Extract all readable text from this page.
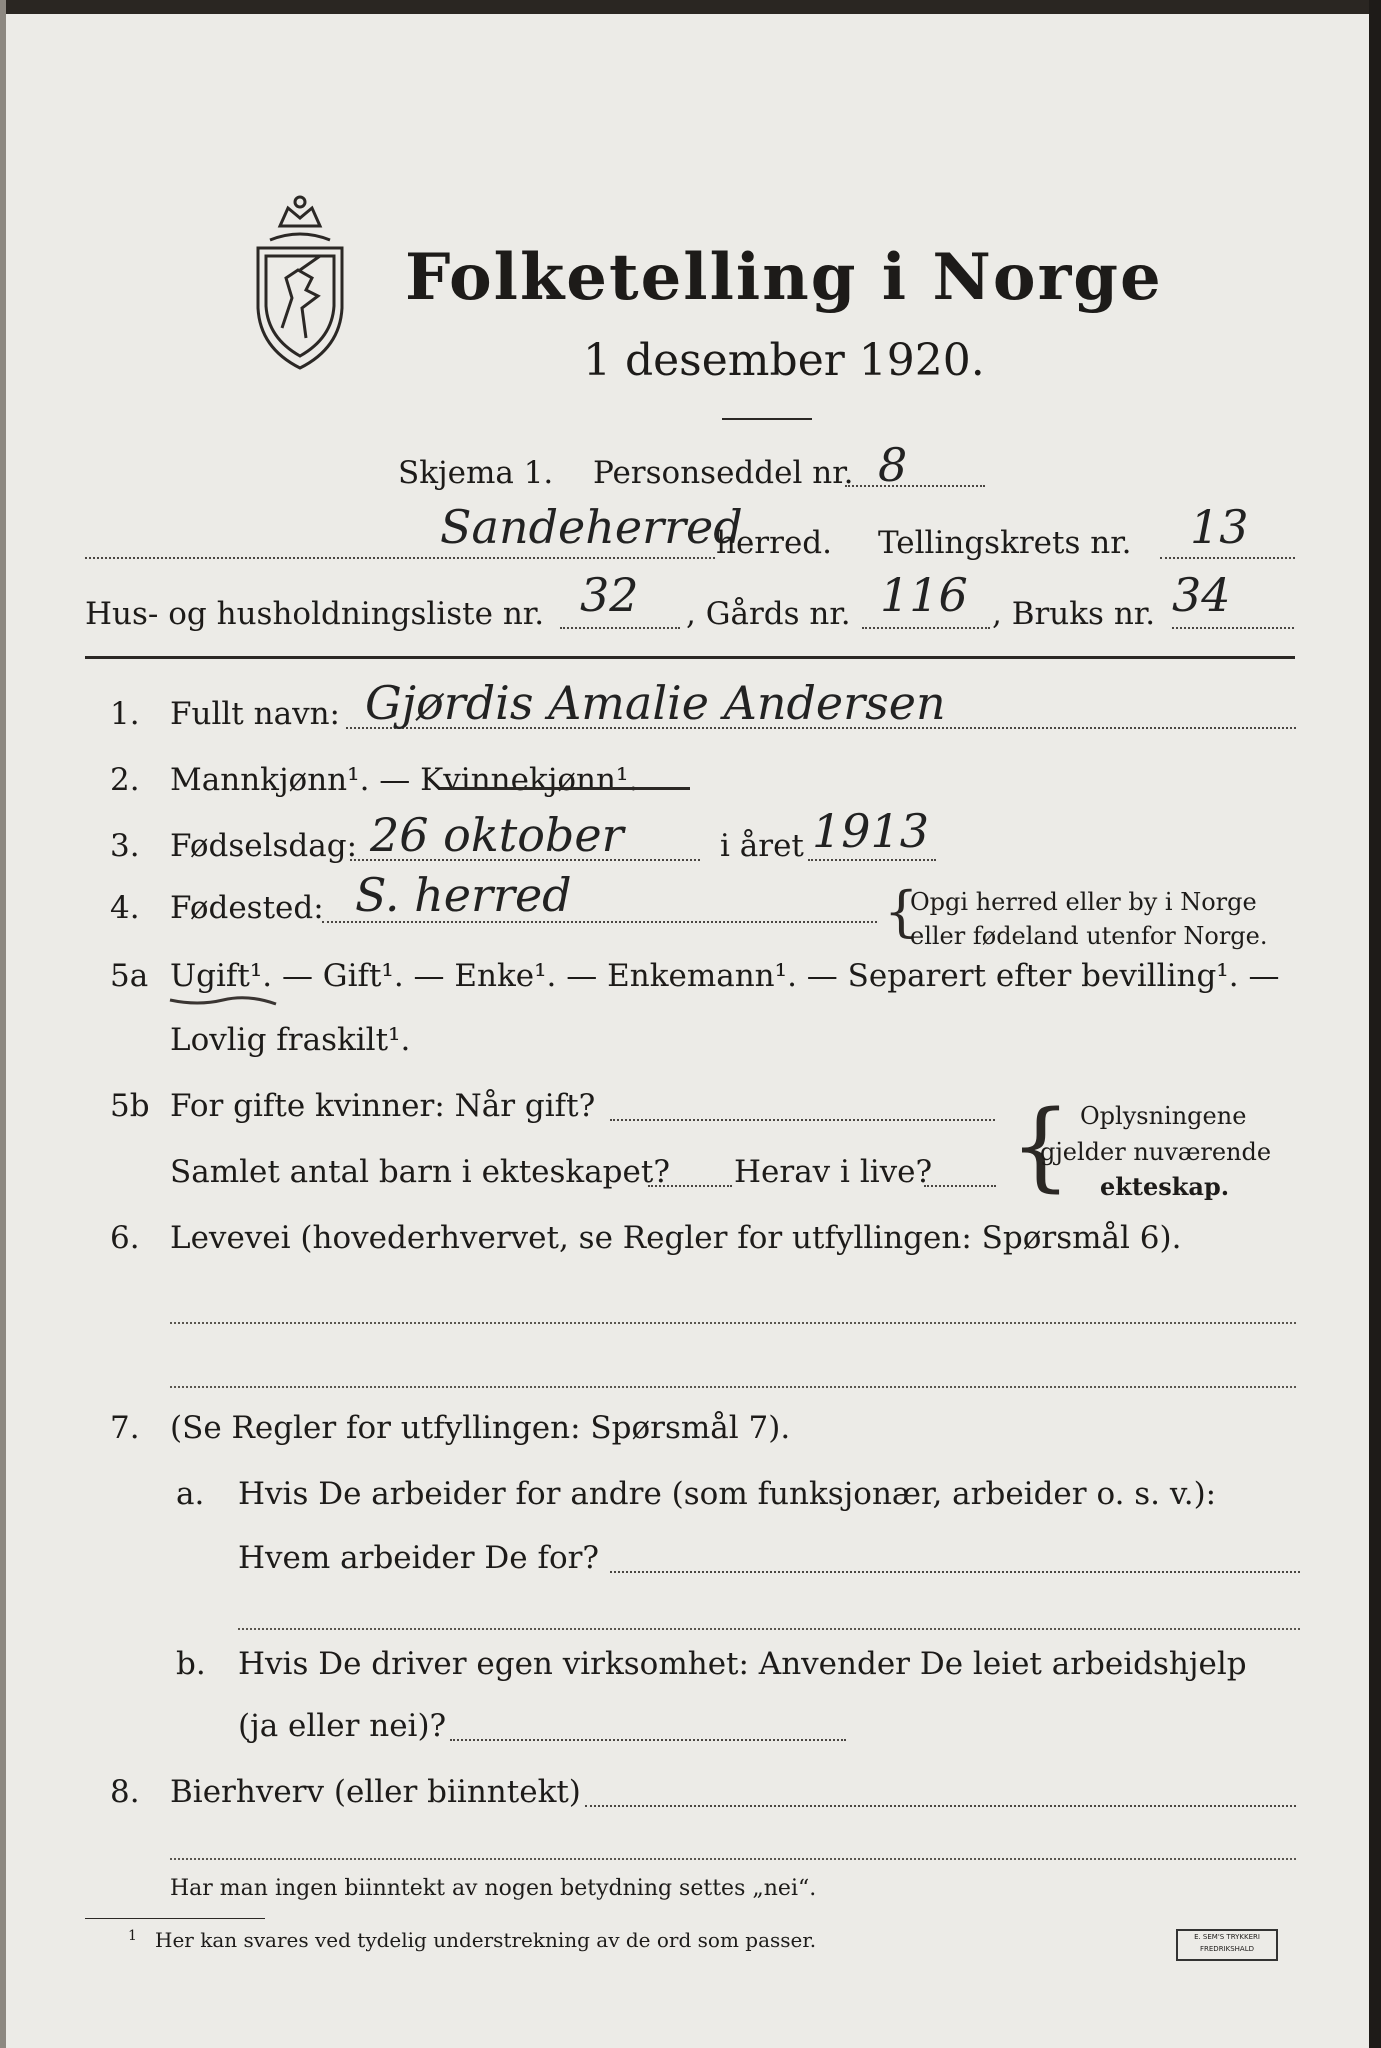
Folketelling i Norge
1 desember 1920.
Skjema 1. Personseddel nr. 8
Sandeherred
herred. Tellingskrets nr. 13
Hus- og husholdningsliste nr. 32 , Gårds nr. 116 , Bruks nr. 34
1. Fullt navn: Gjørdis Amalie Andersen
2. Mannkjønn¹. — Kvinnekjønn¹.
3. Fødselsdag: 26 oktober	i året 1913
4. Fødested: S. herred	{
Opgi herred eller by i Norge
eller fødeland utenfor Norge.
5a Ugift¹. — Gift¹. — Enke¹. — Enkemann¹. — Separert efter bevilling¹. —
Lovlig fraskilt¹.
5b For gifte kvinner: Når gift?
Samlet antal barn i ekteskapet? Herav i live? { Oplysningene
gjelder nuværende
ekteskap.
6. Levevei (hovederhvervet, se Regler for utfyllingen: Spørsmål 6).
7. (Se Regler for utfyllingen: Spørsmål 7).
a. Hvis De arbeider for andre (som funksjonær, arbeider o. s. v.):
Hvem arbeider De for?
b. Hvis De driver egen virksomhet: Anvender De leiet arbeidshjelp
(ja eller nei)?
8. Bierhverv (eller biinntekt)
Har man ingen biinntekt av nogen betydning settes „nei“.
1 Her kan svares ved tydelig understrekning av de ord som passer.	E. SEM'S TRYKKERI FREDRIKSHALD
